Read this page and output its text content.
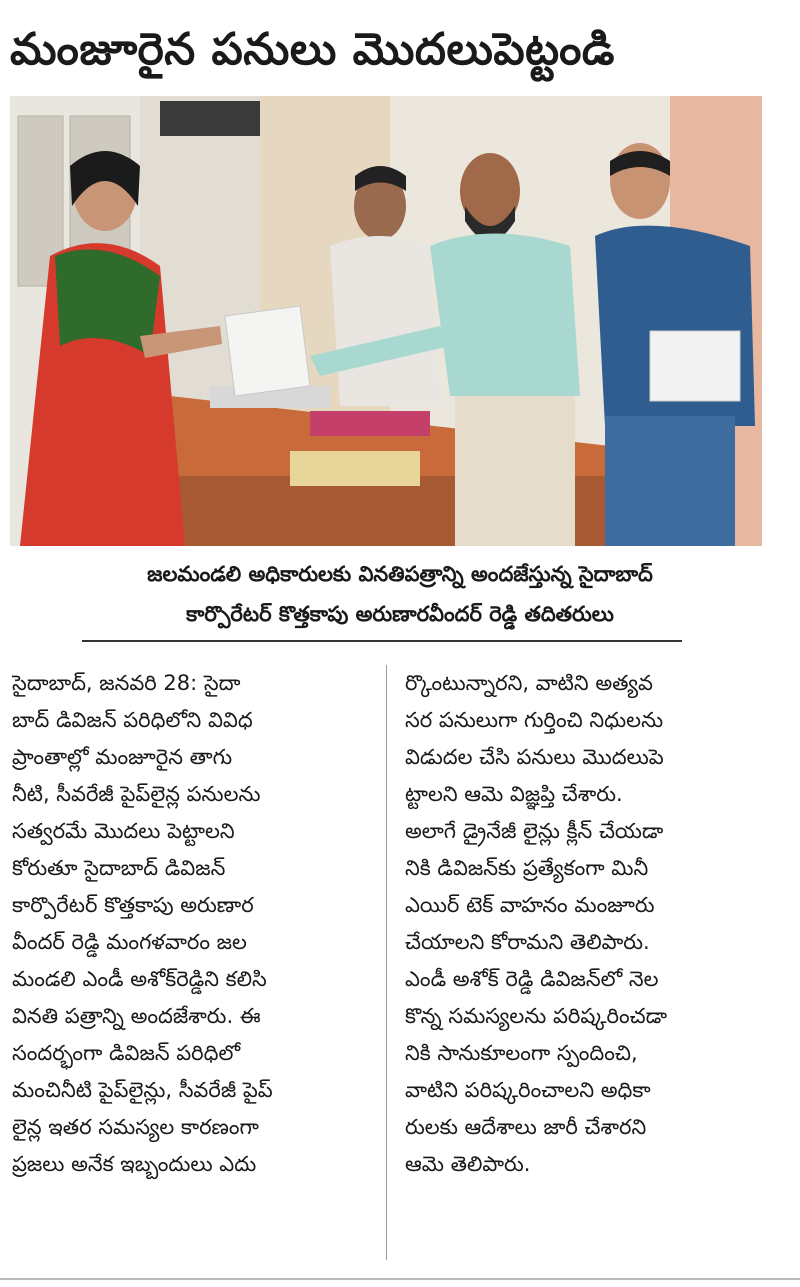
మంజూరైన పనులు మొదలుపెట్టండి
జలమండలి అధికారులకు వినతిపత్రాన్ని అందజేస్తున్న సైదాబాద్
కార్పొరేటర్ కొత్తకాపు అరుణారవీందర్ రెడ్డి తదితరులు
సైదాబాద్, జనవరి 28: సైదా
బాద్ డివిజన్ పరిధిలోని వివిధ
ప్రాంతాల్లో మంజూరైన తాగు
నీటి, సీవరేజీ పైప్‌లైన్ల పనులను
సత్వరమే మొదలు పెట్టాలని
కోరుతూ సైదాబాద్ డివిజన్
కార్పొరేటర్ కొత్తకాపు అరుణార
వీందర్ రెడ్డి మంగళవారం జల
మండలి ఎండీ అశోక్‌రెడ్డిని కలిసి
వినతి పత్రాన్ని అందజేశారు. ఈ
సందర్భంగా డివిజన్ పరిధిలో
మంచినీటి పైప్‌లైన్లు, సీవరేజీ పైప్
లైన్ల ఇతర సమస్యల కారణంగా
ప్రజలు అనేక ఇబ్బందులు ఎదు
ర్కొంటున్నారని, వాటిని అత్యవ
సర పనులుగా గుర్తించి నిధులను
విడుదల చేసి పనులు మొదలుపె
ట్టాలని ఆమె విజ్ఞప్తి చేశారు.
అలాగే డ్రైనేజీ లైన్లు క్లీన్ చేయడా
నికి డివిజన్‌కు ప్రత్యేకంగా మినీ
ఎయిర్ టెక్ వాహనం మంజూరు
చేయాలని కోరామని తెలిపారు.
ఎండీ అశోక్ రెడ్డి డివిజన్‌లో నెల
కొన్న సమస్యలను పరిష్కరించడా
నికి సానుకూలంగా స్పందించి,
వాటిని పరిష్కరించాలని అధికా
రులకు ఆదేశాలు జారీ చేశారని
ఆమె తెలిపారు.
